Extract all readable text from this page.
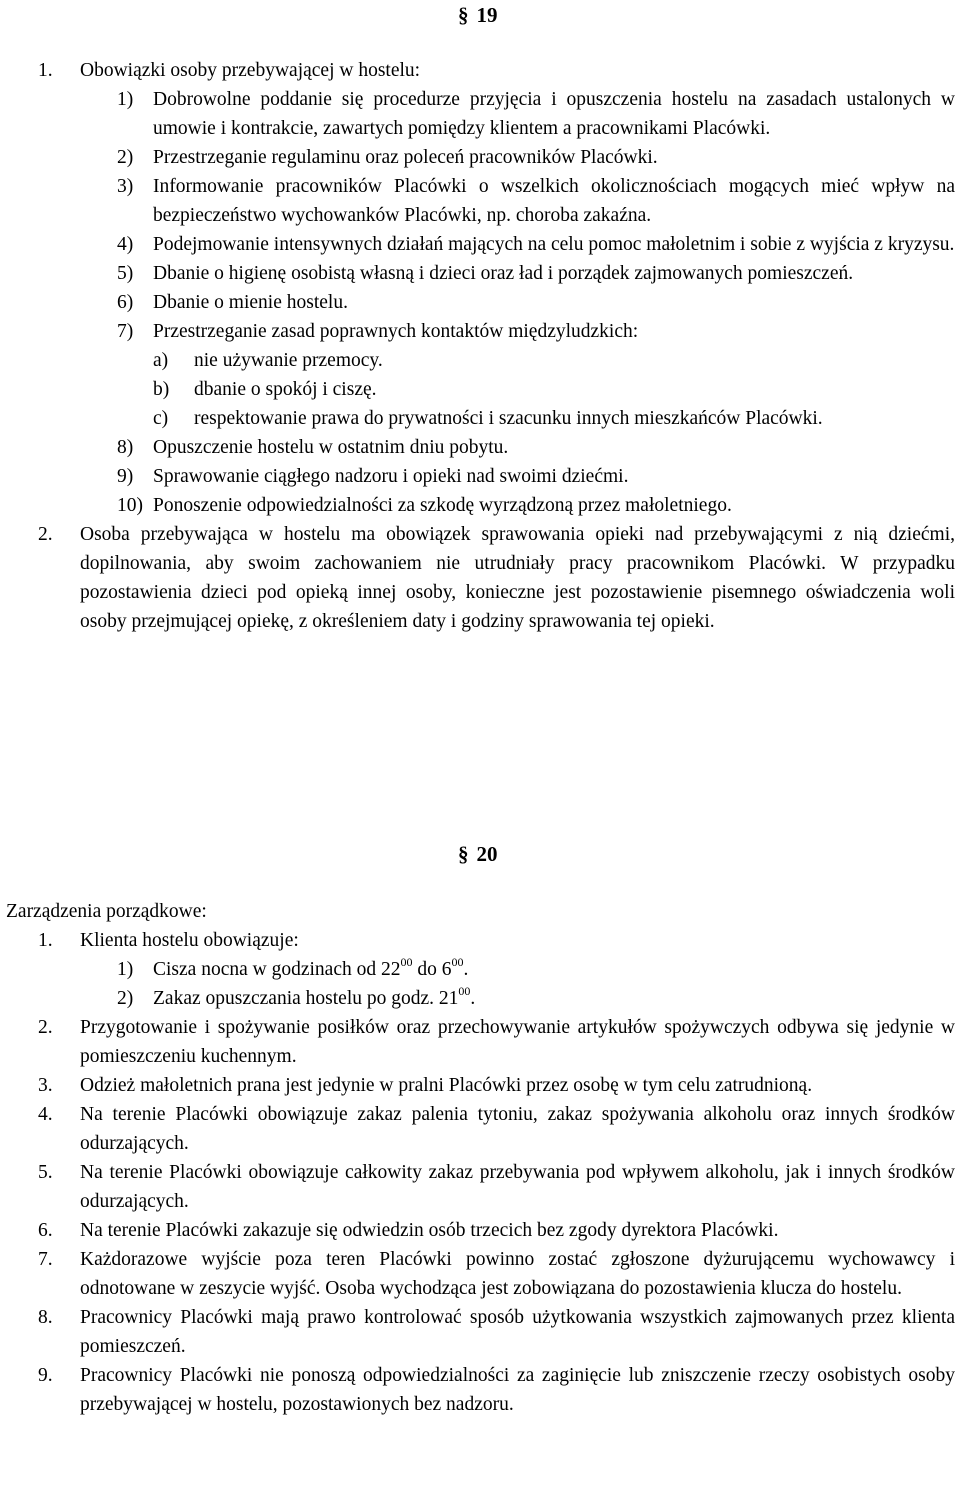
§ 19
1. Obowiązki osoby przebywającej w hostelu:
1) Dobrowolne poddanie się procedurze przyjęcia i opuszczenia hostelu na zasadach ustalonych w umowie i kontrakcie, zawartych pomiędzy klientem a pracownikami Placówki.
2) Przestrzeganie regulaminu oraz poleceń pracowników Placówki.
3) Informowanie pracowników Placówki o wszelkich okolicznościach mogących mieć wpływ na bezpieczeństwo wychowanków Placówki, np. choroba zakaźna.
4) Podejmowanie intensywnych działań mających na celu pomoc małoletnim i sobie z wyjścia z kryzysu.
5) Dbanie o higienę osobistą własną i dzieci oraz ład i porządek zajmowanych pomieszczeń.
6) Dbanie o mienie hostelu.
7) Przestrzeganie zasad poprawnych kontaktów międzyludzkich:
a) nie używanie przemocy.
b) dbanie o spokój i ciszę.
c) respektowanie prawa do prywatności i szacunku innych mieszkańców Placówki.
8) Opuszczenie hostelu w ostatnim dniu pobytu.
9) Sprawowanie ciągłego nadzoru i opieki nad swoimi dziećmi.
10) Ponoszenie odpowiedzialności za szkodę wyrządzoną przez małoletniego.
2. Osoba przebywająca w hostelu ma obowiązek sprawowania opieki nad przebywającymi z nią dziećmi, dopilnowania, aby swoim zachowaniem nie utrudniały pracy pracownikom Placówki. W przypadku pozostawienia dzieci pod opieką innej osoby, konieczne jest pozostawienie pisemnego oświadczenia woli osoby przejmującej opiekę, z określeniem daty i godziny sprawowania tej opieki.
§ 20
Zarządzenia porządkowe:
1. Klienta hostelu obowiązuje:
1) Cisza nocna w godzinach od $22^{00}$ do $6^{00}$.
2) Zakaz opuszczania hostelu po godz. $21^{00}$.
2. Przygotowanie i spożywanie posiłków oraz przechowywanie artykułów spożywczych odbywa się jedynie w pomieszczeniu kuchennym.
3. Odzież małoletnich prana jest jedynie w pralni Placówki przez osobę w tym celu zatrudnioną.
4. Na terenie Placówki obowiązuje zakaz palenia tytoniu, zakaz spożywania alkoholu oraz innych środków odurzających.
5. Na terenie Placówki obowiązuje całkowity zakaz przebywania pod wpływem alkoholu, jak i innych środków odurzających.
6. Na terenie Placówki zakazuje się odwiedzin osób trzecich bez zgody dyrektora Placówki.
7. Każdorazowe wyjście poza teren Placówki powinno zostać zgłoszone dyżurującemu wychowawcy i odnotowane w zeszycie wyjść. Osoba wychodząca jest zobowiązana do pozostawienia klucza do hostelu.
8. Pracownicy Placówki mają prawo kontrolować sposób użytkowania wszystkich zajmowanych przez klienta pomieszczeń.
9. Pracownicy Placówki nie ponoszą odpowiedzialności za zaginięcie lub zniszczenie rzeczy osobistych osoby przebywającej w hostelu, pozostawionych bez nadzoru.
